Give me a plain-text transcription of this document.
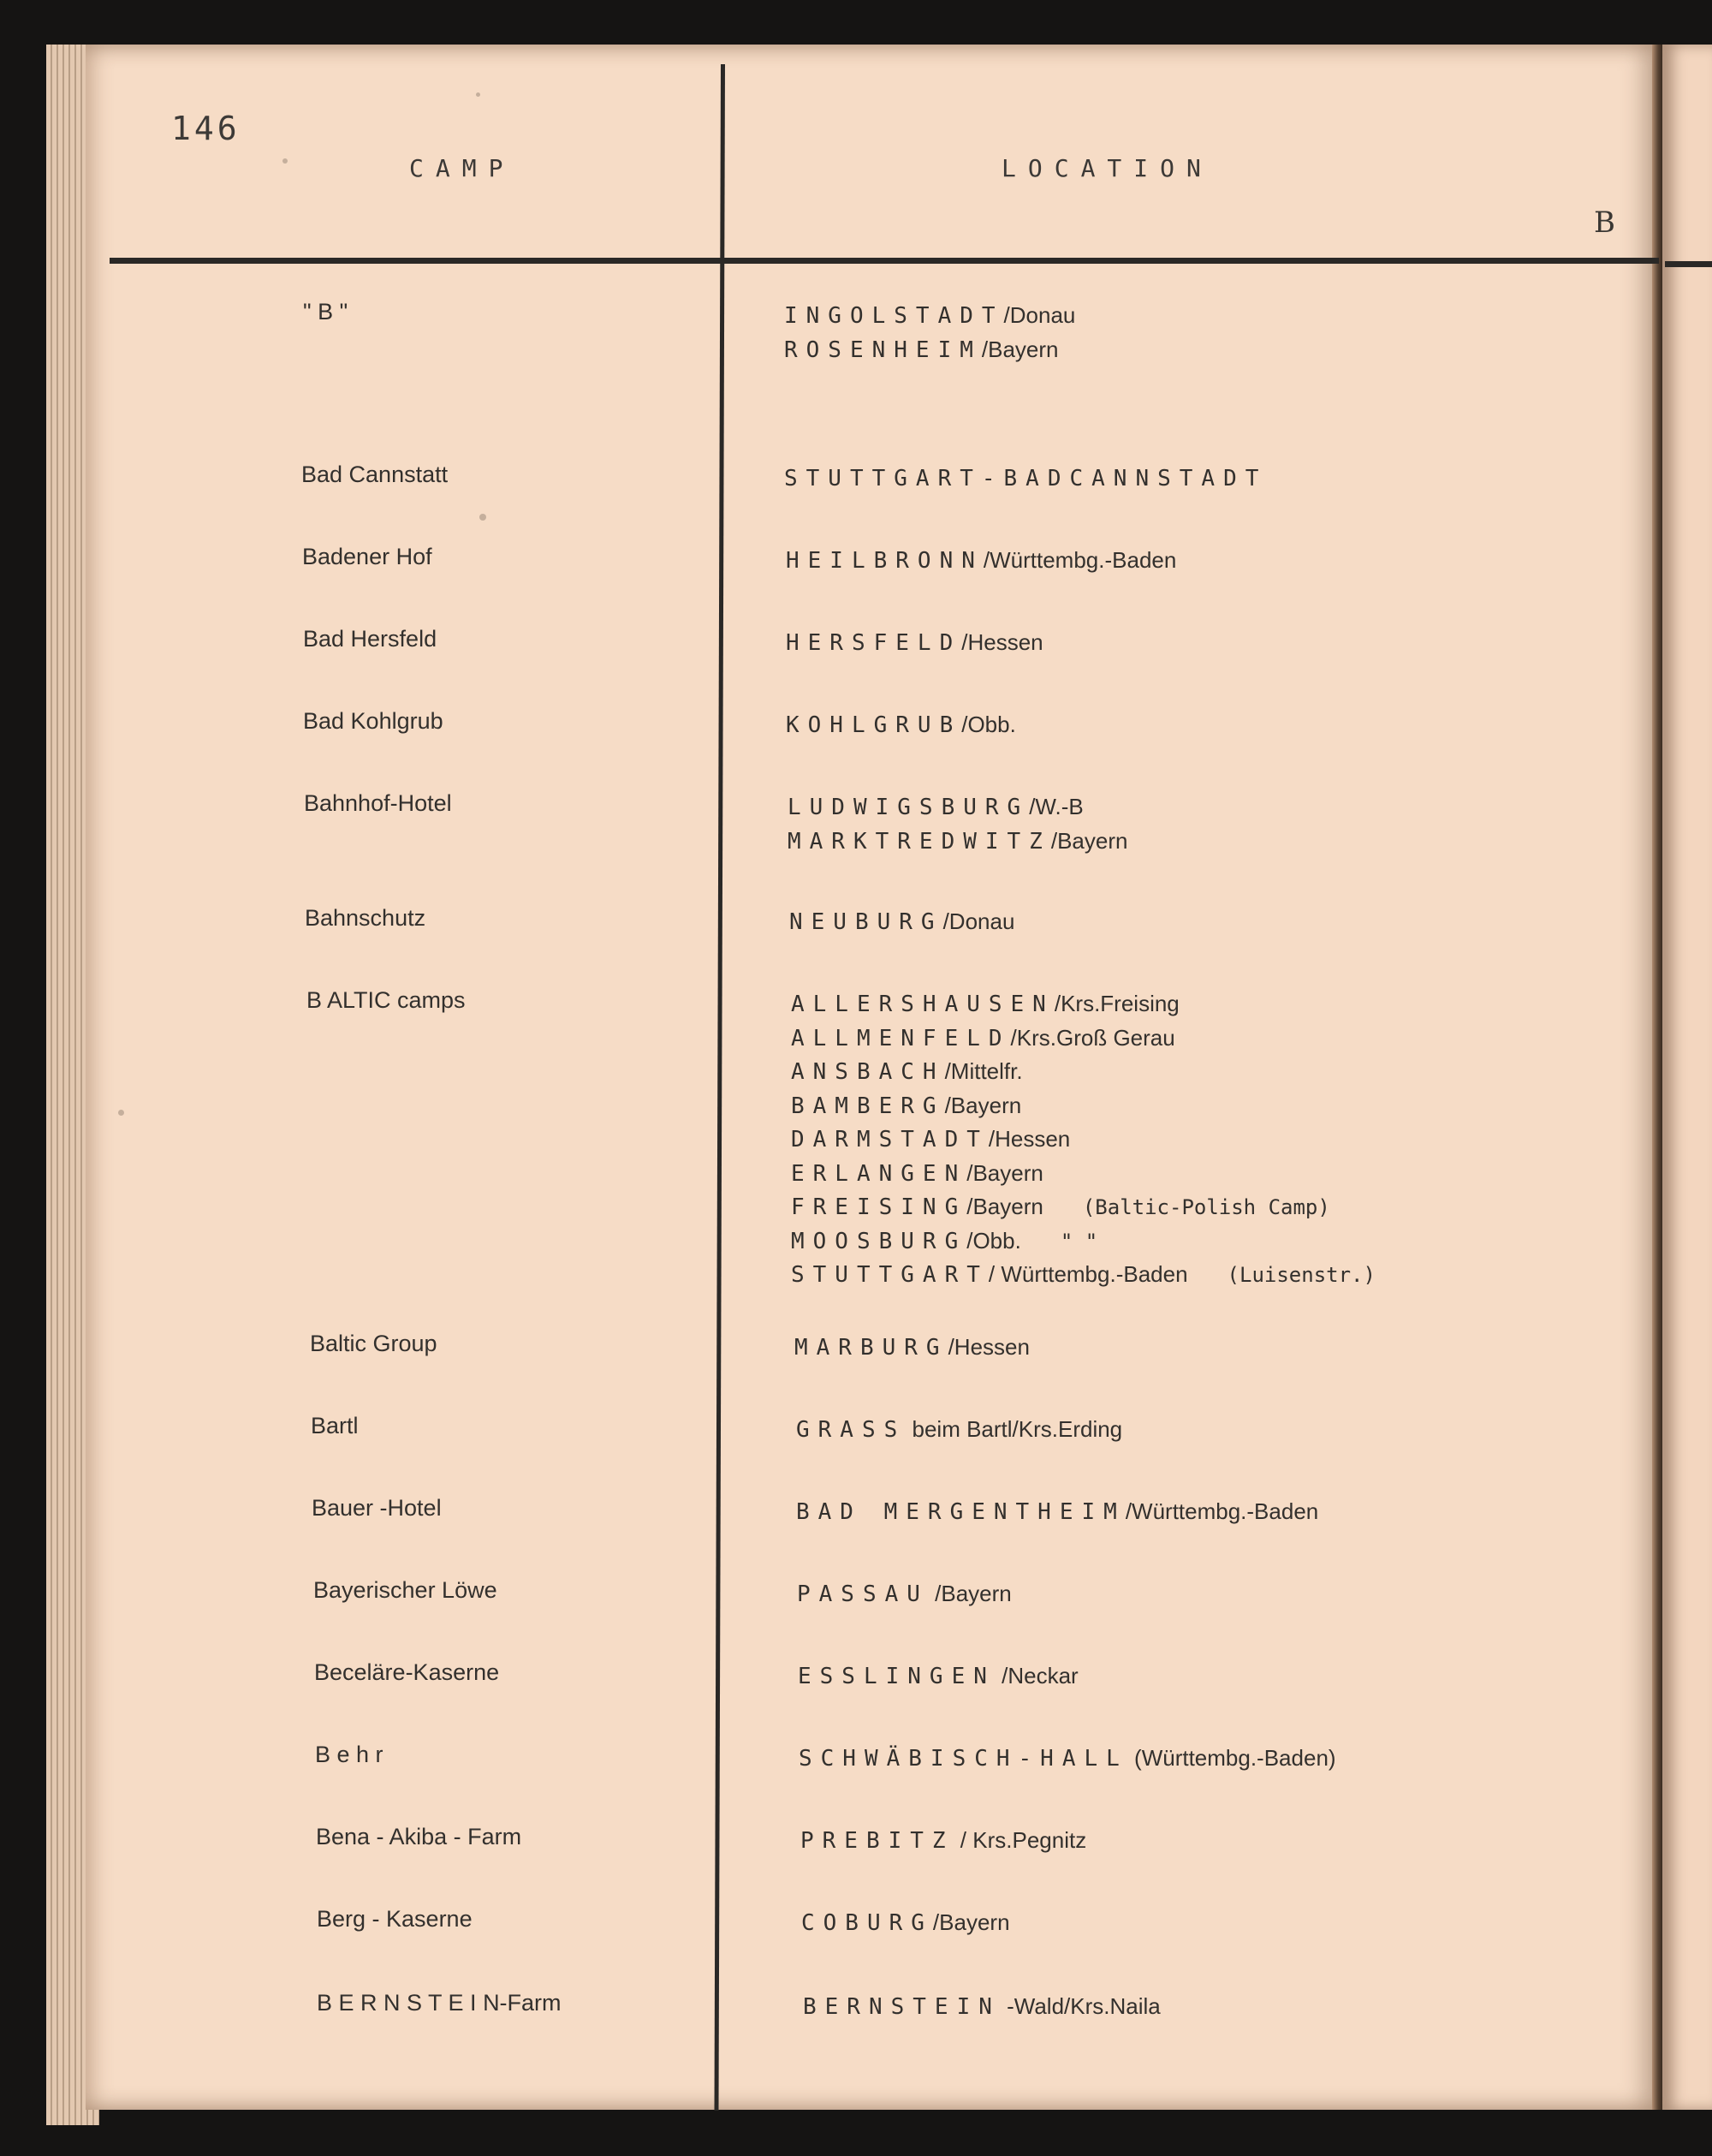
146
CAMP	LOCATION
B
" B "	INGOLSTADT/Donau
ROSENHEIM/Bayern
Bad Cannstatt	STUTTGART-BADCANNSTADT
Badener Hof	HEILBRONN/Württembg.-Baden
Bad Hersfeld	HERSFELD/Hessen
Bad Kohlgrub	KOHLGRUB/Obb.
Bahnhof-Hotel	LUDWIGSBURG/W.-B
MARKTREDWITZ/Bayern
Bahnschutz	NEUBURG/Donau
B ALTIC camps	ALLERSHAUSEN/Krs.Freising
ALLMENFELD/Krs.Groß Gerau
ANSBACH/Mittelfr.
BAMBERG/Bayern
DARMSTADT/Hessen
ERLANGEN/Bayern
FREISING/Bayern (Baltic-Polish Camp)
MOOSBURG/Obb. " "
STUTTGART/ Württembg.-Baden (Luisenstr.)
Baltic Group	MARBURG/Hessen
Bartl	GRASS beim Bartl/Krs.Erding
Bauer -Hotel	BAD MERGENTHEIM/Württembg.-Baden
Bayerischer Löwe	PASSAU /Bayern
Beceläre-Kaserne	ESSLINGEN /Neckar
B e h r	SCHWÄBISCH-HALL (Württembg.-Baden)
Bena - Akiba - Farm	PREBITZ / Krs.Pegnitz
Berg - Kaserne	COBURG/Bayern
B E R N S T E I N-Farm	BERNSTEIN -Wald/Krs.Naila
